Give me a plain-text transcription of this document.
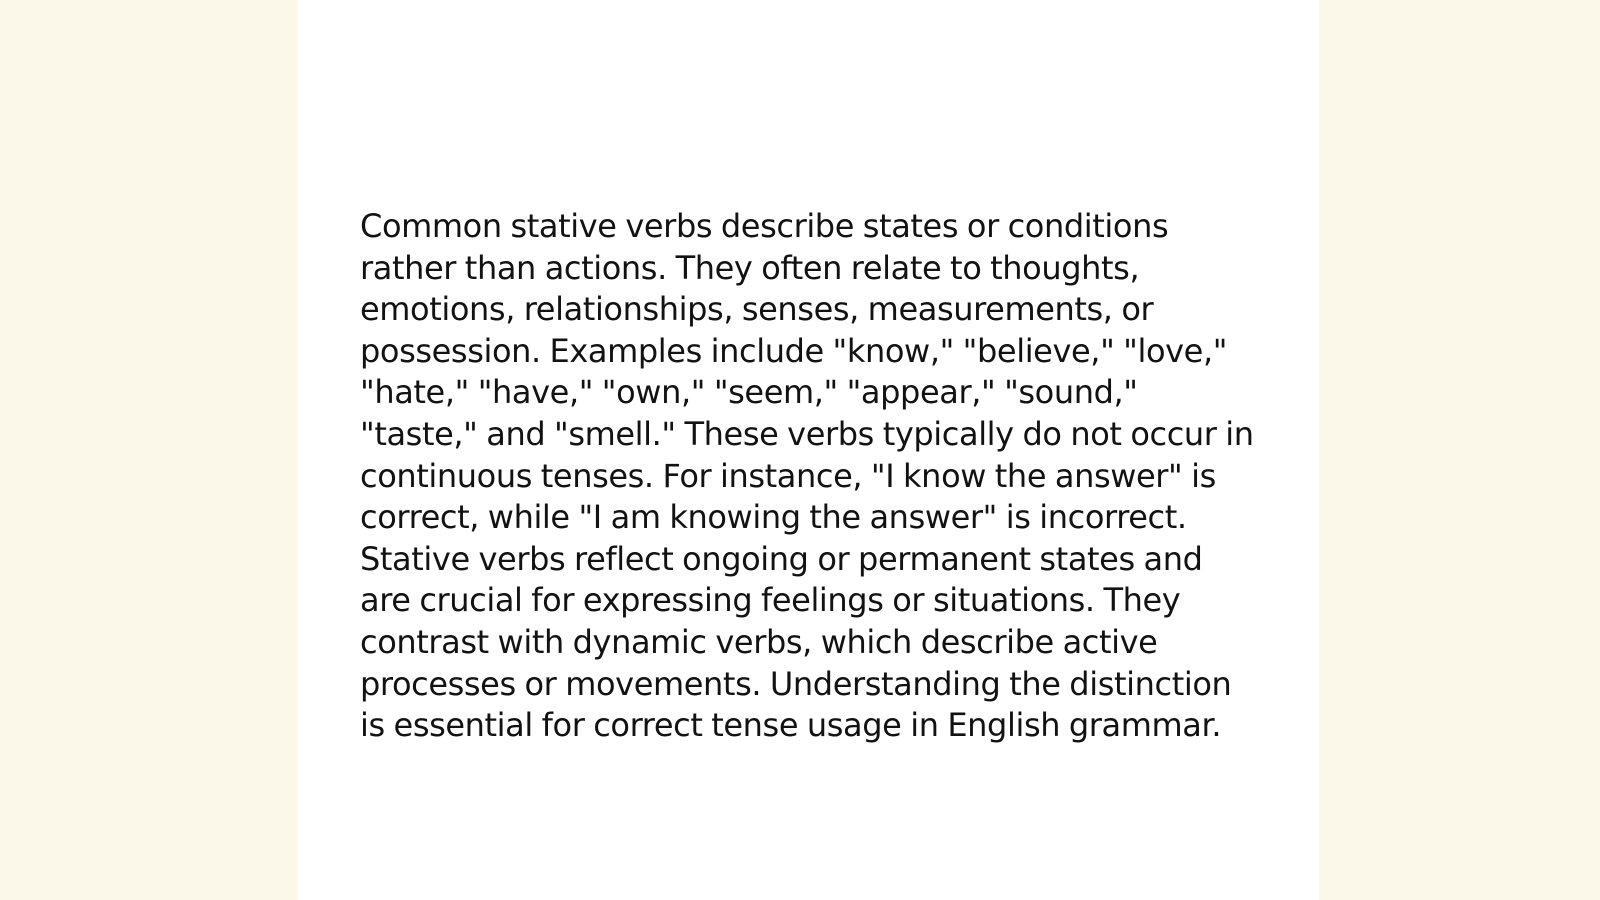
Common stative verbs describe states or conditions rather than actions. They often relate to thoughts, emotions, relationships, senses, measurements, or possession. Examples include "know," "believe," "love," "hate," "have," "own," "seem," "appear," "sound," "taste," and "smell." These verbs typically do not occur in continuous tenses. For instance, "I know the answer" is correct, while "I am knowing the answer" is incorrect. Stative verbs reflect ongoing or permanent states and are crucial for expressing feelings or situations. They contrast with dynamic verbs, which describe active processes or movements. Understanding the distinction is essential for correct tense usage in English grammar.
